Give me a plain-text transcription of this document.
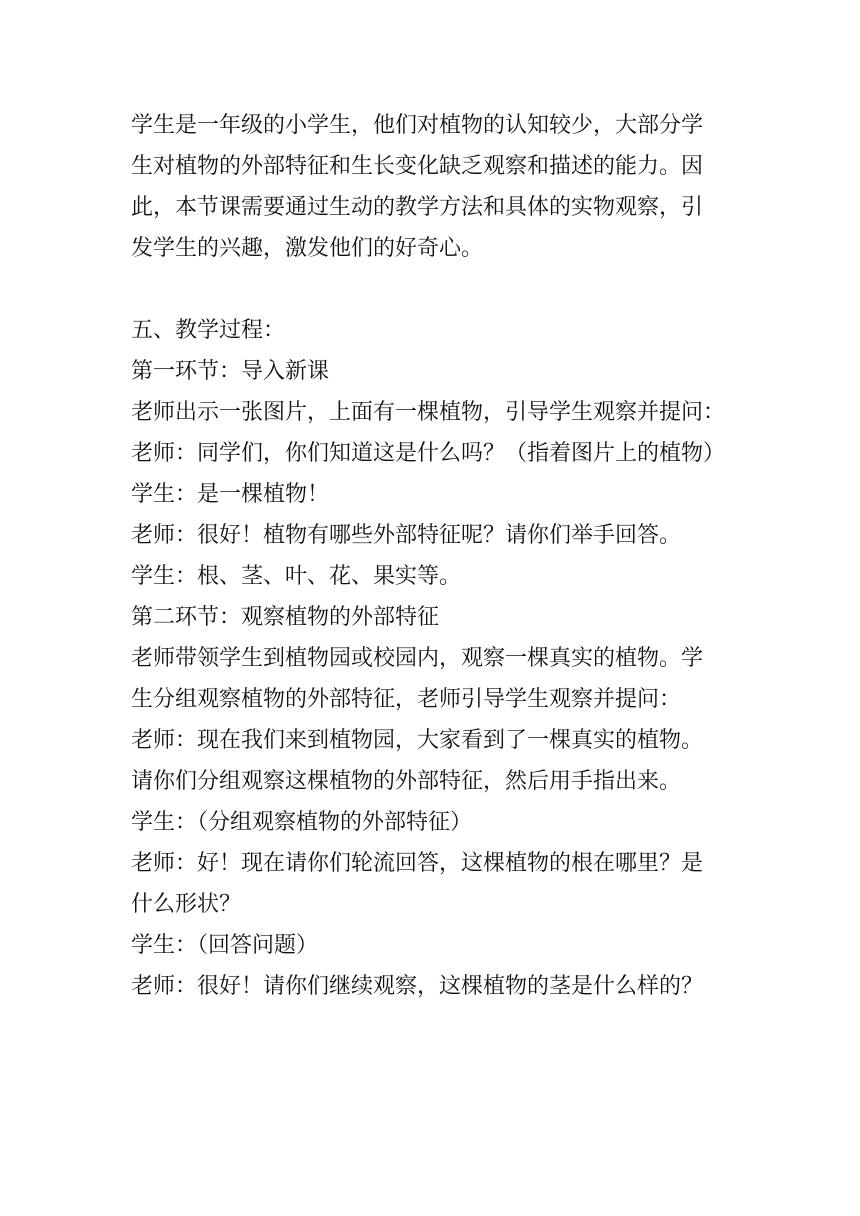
学生是一年级的小学生，他们对植物的认知较少，大部分学

生对植物的外部特征和生长变化缺乏观察和描述的能力。因

此，本节课需要通过生动的教学方法和具体的实物观察，引

发学生的兴趣，激发他们的好奇心。

五、教学过程：

第一环节：导入新课

老师出示一张图片，上面有一棵植物，引导学生观察并提问：

老师：同学们，你们知道这是什么吗？（指着图片上的植物）

学生：是一棵植物！

老师：很好！植物有哪些外部特征呢？请你们举手回答。

学生：根、茎、叶、花、果实等。

第二环节：观察植物的外部特征

老师带领学生到植物园或校园内，观察一棵真实的植物。学

生分组观察植物的外部特征，老师引导学生观察并提问：

老师：现在我们来到植物园，大家看到了一棵真实的植物。

请你们分组观察这棵植物的外部特征，然后用手指出来。

学生：（分组观察植物的外部特征）

老师：好！现在请你们轮流回答，这棵植物的根在哪里？是

什么形状？

学生：（回答问题）

老师：很好！请你们继续观察，这棵植物的茎是什么样的？
